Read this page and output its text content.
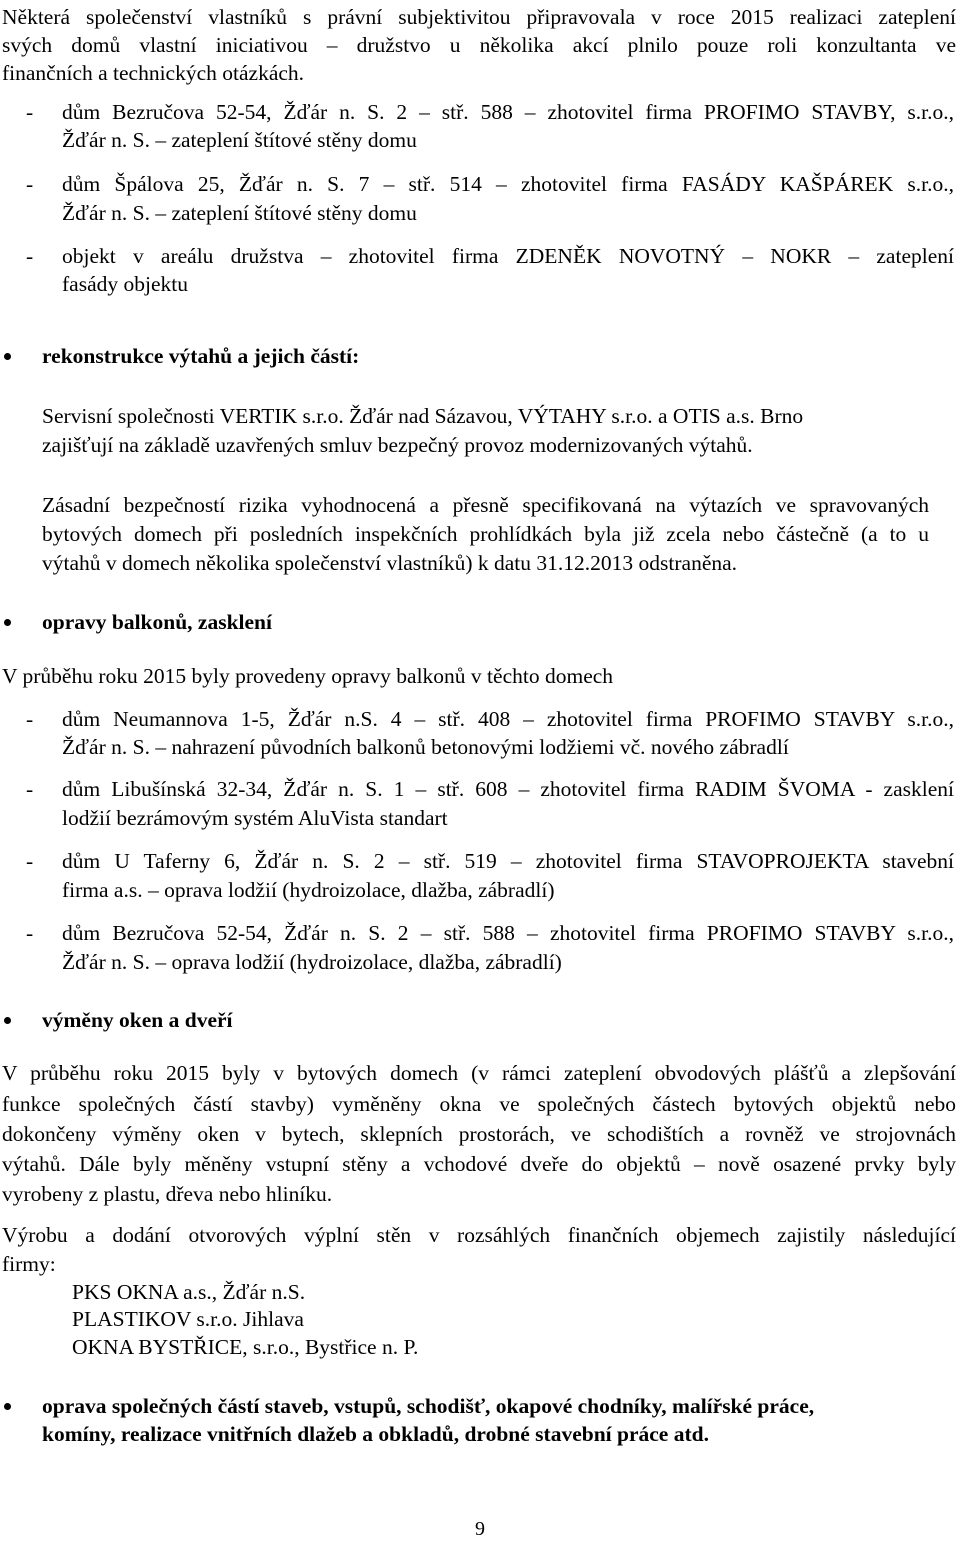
Některá společenství vlastníků s právní subjektivitou připravovala v roce 2015 realizaci zateplení

svých domů vlastní iniciativou – družstvo u několika akcí plnilo pouze roli konzultanta ve

finančních a technických otázkách.

- dům Bezručova 52-54, Žďár n. S. 2 – stř. 588 – zhotovitel firma PROFIMO STAVBY, s.r.o.,

Žďár n. S. – zateplení štítové stěny domu

- dům Špálova 25, Žďár n. S. 7 – stř. 514 – zhotovitel firma FASÁDY KAŠPÁREK s.r.o.,

Žďár n. S. – zateplení štítové stěny domu

- objekt v areálu družstva – zhotovitel firma ZDENĚK NOVOTNÝ – NOKR – zateplení

fasády objektu

rekonstrukce výtahů a jejich částí:

Servisní společnosti VERTIK s.r.o. Žďár nad Sázavou, VÝTAHY s.r.o. a OTIS a.s. Brno

zajišťují na základě uzavřených smluv bezpečný provoz modernizovaných výtahů.

Zásadní bezpečností rizika vyhodnocená a přesně specifikovaná na výtazích ve spravovaných

bytových domech při posledních inspekčních prohlídkách byla již zcela nebo částečně (a to u

výtahů v domech několika společenství vlastníků) k datu 31.12.2013 odstraněna.

opravy balkonů, zasklení

V průběhu roku 2015 byly provedeny opravy balkonů v těchto domech

- dům Neumannova 1-5, Žďár n.S. 4 – stř. 408 – zhotovitel firma PROFIMO STAVBY s.r.o.,

Žďár n. S. – nahrazení původních balkonů betonovými lodžiemi vč. nového zábradlí

- dům Libušínská 32-34, Žďár n. S. 1 – stř. 608 – zhotovitel firma RADIM ŠVOMA - zasklení

lodžií bezrámovým systém AluVista standart

- dům U Taferny 6, Žďár n. S. 2 – stř. 519 – zhotovitel firma STAVOPROJEKTA stavební

firma a.s. – oprava lodžií (hydroizolace, dlažba, zábradlí)

- dům Bezručova 52-54, Žďár n. S. 2 – stř. 588 – zhotovitel firma PROFIMO STAVBY s.r.o.,

Žďár n. S. – oprava lodžií (hydroizolace, dlažba, zábradlí)

výměny oken a dveří

V průběhu roku 2015 byly v bytových domech (v rámci zateplení obvodových plášťů a zlepšování

funkce společných částí stavby) vyměněny okna ve společných částech bytových objektů nebo

dokončeny výměny oken v bytech, sklepních prostorách, ve schodištích a rovněž ve strojovnách

výtahů. Dále byly měněny vstupní stěny a vchodové dveře do objektů – nově osazené prvky byly

vyrobeny z plastu, dřeva nebo hliníku.

Výrobu a dodání otvorových výplní stěn v rozsáhlých finančních objemech zajistily následující

firmy:

PKS OKNA a.s., Žďár n.S.

PLASTIKOV s.r.o. Jihlava

OKNA BYSTŘICE, s.r.o., Bystřice n. P.

oprava společných částí staveb, vstupů, schodišť, okapové chodníky, malířské práce,

komíny, realizace vnitřních dlažeb a obkladů, drobné stavební práce atd.

9
